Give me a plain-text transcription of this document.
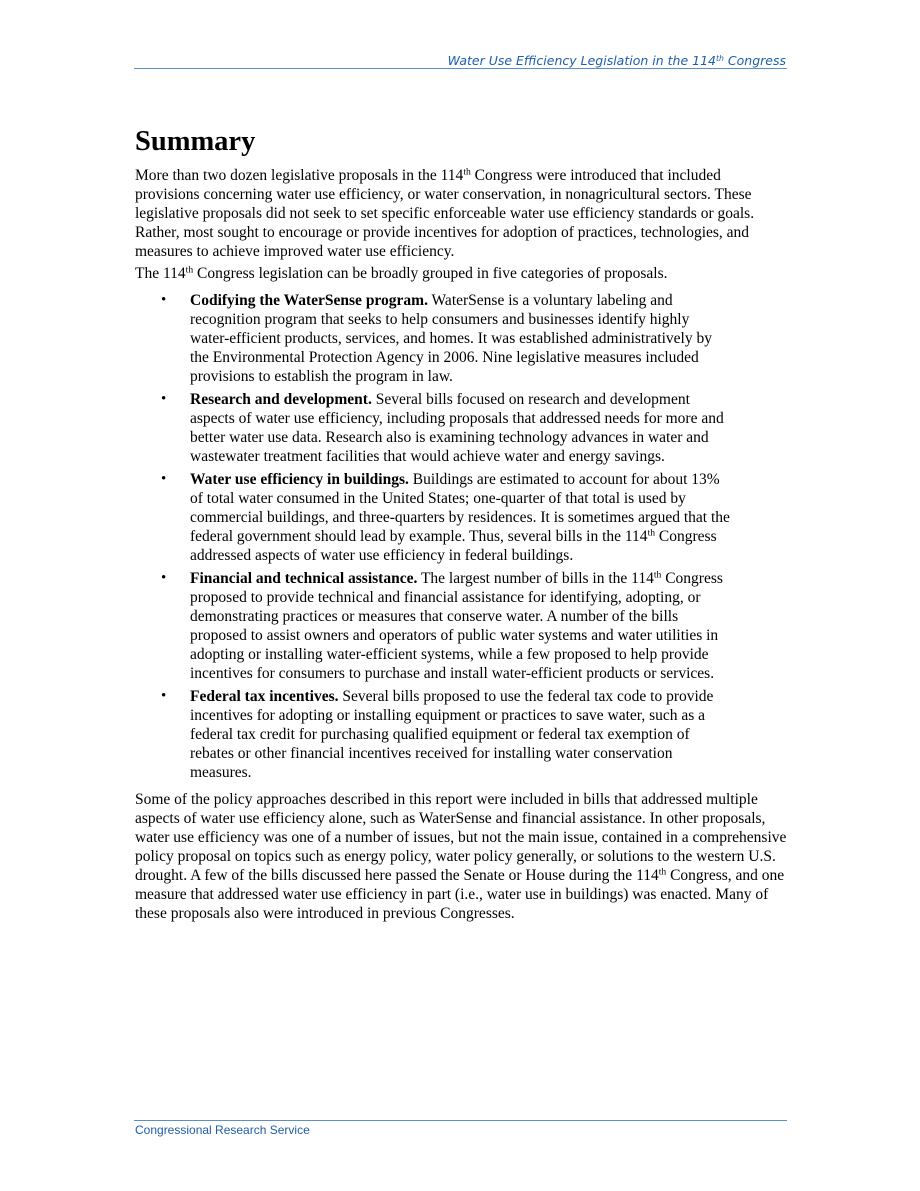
Water Use Efficiency Legislation in the 114th Congress
Summary

More than two dozen legislative proposals in the 114th Congress were introduced that included provisions concerning water use efficiency, or water conservation, in nonagricultural sectors. These legislative proposals did not seek to set specific enforceable water use efficiency standards or goals. Rather, most sought to encourage or provide incentives for adoption of practices, technologies, and measures to achieve improved water use efficiency.

The 114th Congress legislation can be broadly grouped in five categories of proposals.

• Codifying the WaterSense program. WaterSense is a voluntary labeling and recognition program that seeks to help consumers and businesses identify highly water-efficient products, services, and homes. It was established administratively by the Environmental Protection Agency in 2006. Nine legislative measures included provisions to establish the program in law.
• Research and development. Several bills focused on research and development aspects of water use efficiency, including proposals that addressed needs for more and better water use data. Research also is examining technology advances in water and wastewater treatment facilities that would achieve water and energy savings.
• Water use efficiency in buildings. Buildings are estimated to account for about 13% of total water consumed in the United States; one-quarter of that total is used by commercial buildings, and three-quarters by residences. It is sometimes argued that the federal government should lead by example. Thus, several bills in the 114th Congress addressed aspects of water use efficiency in federal buildings.
• Financial and technical assistance. The largest number of bills in the 114th Congress proposed to provide technical and financial assistance for identifying, adopting, or demonstrating practices or measures that conserve water. A number of the bills proposed to assist owners and operators of public water systems and water utilities in adopting or installing water-efficient systems, while a few proposed to help provide incentives for consumers to purchase and install water-efficient products or services.
• Federal tax incentives. Several bills proposed to use the federal tax code to provide incentives for adopting or installing equipment or practices to save water, such as a federal tax credit for purchasing qualified equipment or federal tax exemption of rebates or other financial incentives received for installing water conservation measures.

Some of the policy approaches described in this report were included in bills that addressed multiple aspects of water use efficiency alone, such as WaterSense and financial assistance. In other proposals, water use efficiency was one of a number of issues, but not the main issue, contained in a comprehensive policy proposal on topics such as energy policy, water policy generally, or solutions to the western U.S. drought. A few of the bills discussed here passed the Senate or House during the 114th Congress, and one measure that addressed water use efficiency in part (i.e., water use in buildings) was enacted. Many of these proposals also were introduced in previous Congresses.

Congressional Research Service
